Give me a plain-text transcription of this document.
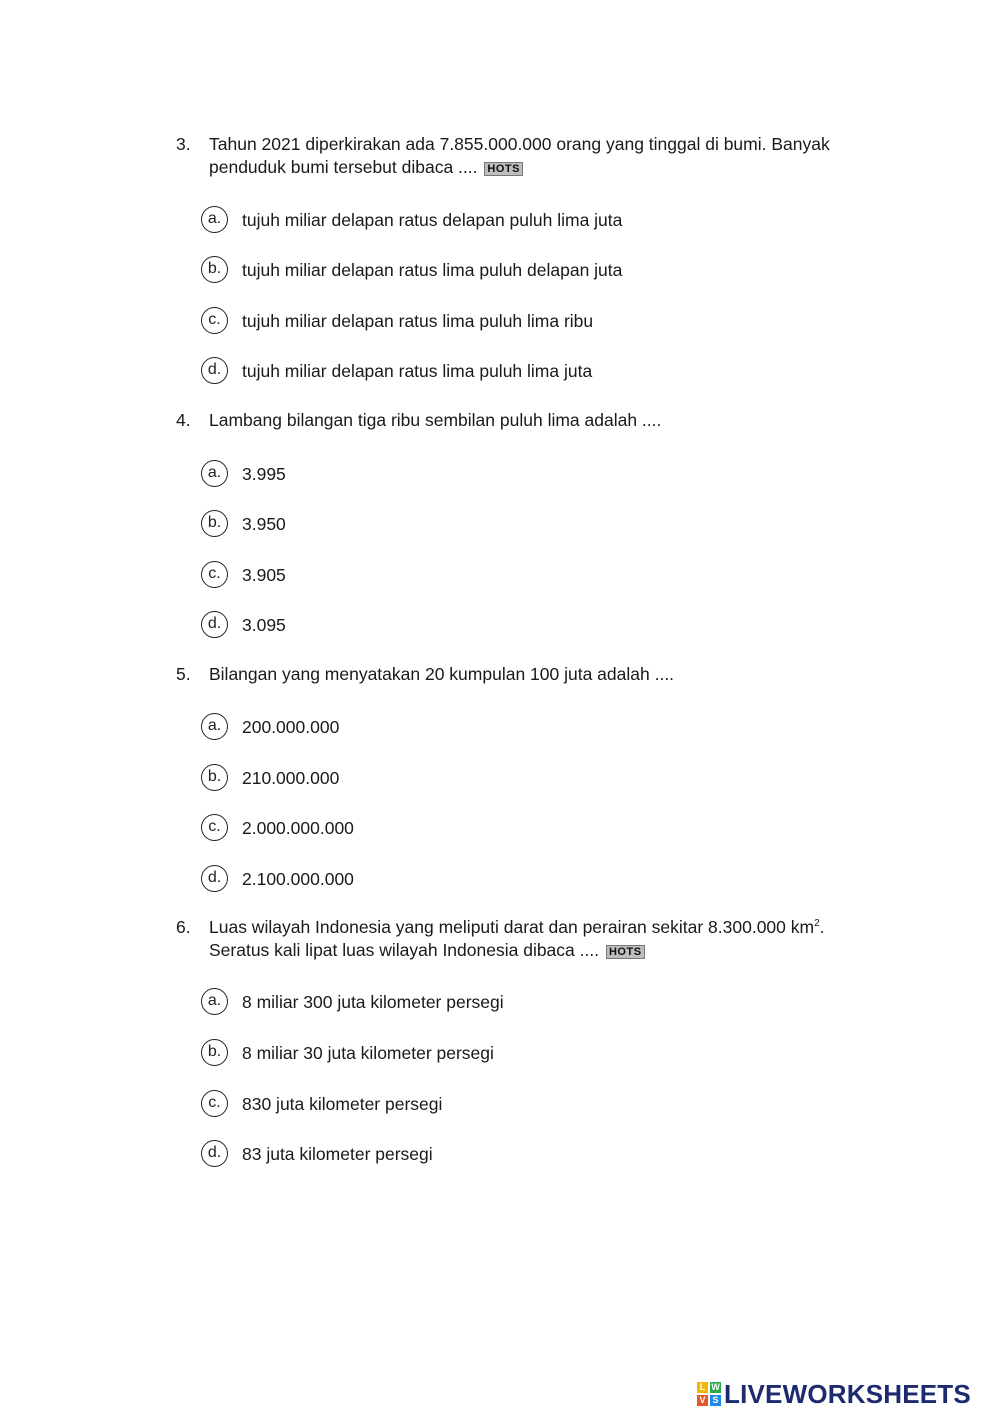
3. Tahun 2021 diperkirakan ada 7.855.000.000 orang yang tinggal di bumi. Banyak
penduduk bumi tersebut dibaca .... HOTS
a.	tujuh miliar delapan ratus delapan puluh lima juta
b.	tujuh miliar delapan ratus lima puluh delapan juta
c.	tujuh miliar delapan ratus lima puluh lima ribu
d.	tujuh miliar delapan ratus lima puluh lima juta
4. Lambang bilangan tiga ribu sembilan puluh lima adalah ....
a.	3.995
b.	3.950
c.	3.905
d.	3.095
5. Bilangan yang menyatakan 20 kumpulan 100 juta adalah ....
a.	200.000.000
b.	210.000.000
c.	2.000.000.000
d.	2.100.000.000
6. Luas wilayah Indonesia yang meliputi darat dan perairan sekitar 8.300.000 $km^2$.
Seratus kali lipat luas wilayah Indonesia dibaca .... HOTS
a.	8 miliar 300 juta kilometer persegi
b.	8 miliar 30 juta kilometer persegi
c.	830 juta kilometer persegi
d.	83 juta kilometer persegi
L W
V S LIVEWORKSHEETS
